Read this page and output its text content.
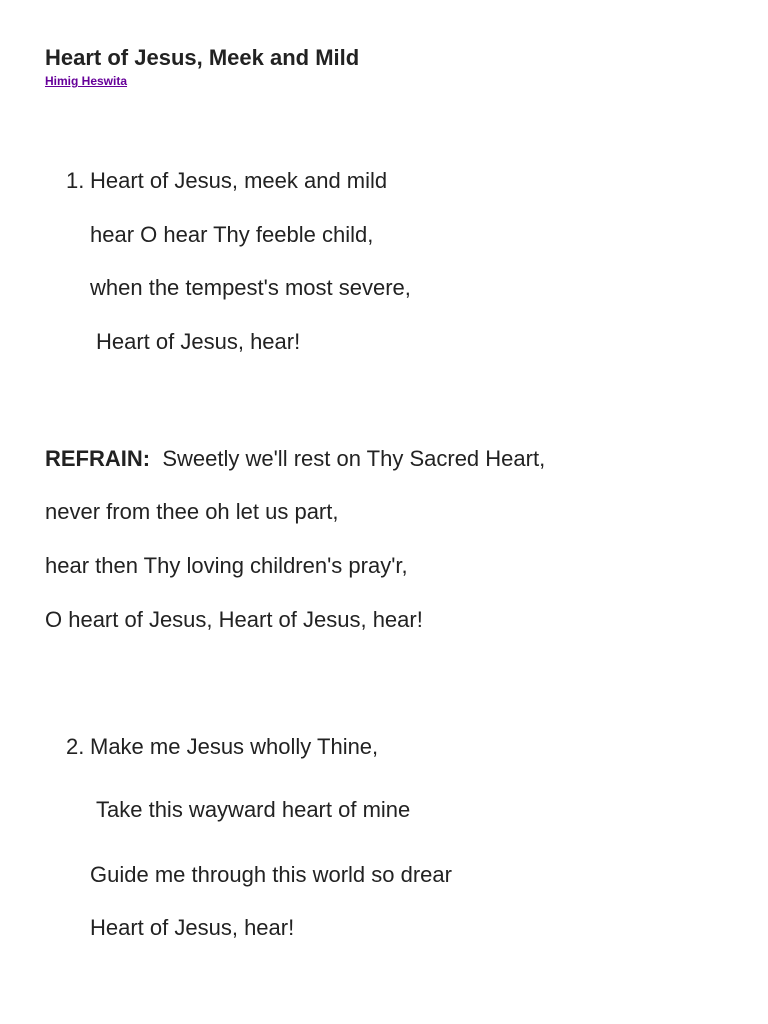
Heart of Jesus, Meek and Mild
Himig Heswita
1. Heart of Jesus, meek and mild
hear O hear Thy feeble child,
when the tempest's most severe,
Heart of Jesus, hear!
REFRAIN: Sweetly we'll rest on Thy Sacred Heart,
never from thee oh let us part,
hear then Thy loving children's pray'r,
O heart of Jesus, Heart of Jesus, hear!
2. Make me Jesus wholly Thine,
Take this wayward heart of mine
Guide me through this world so drear
Heart of Jesus, hear!
